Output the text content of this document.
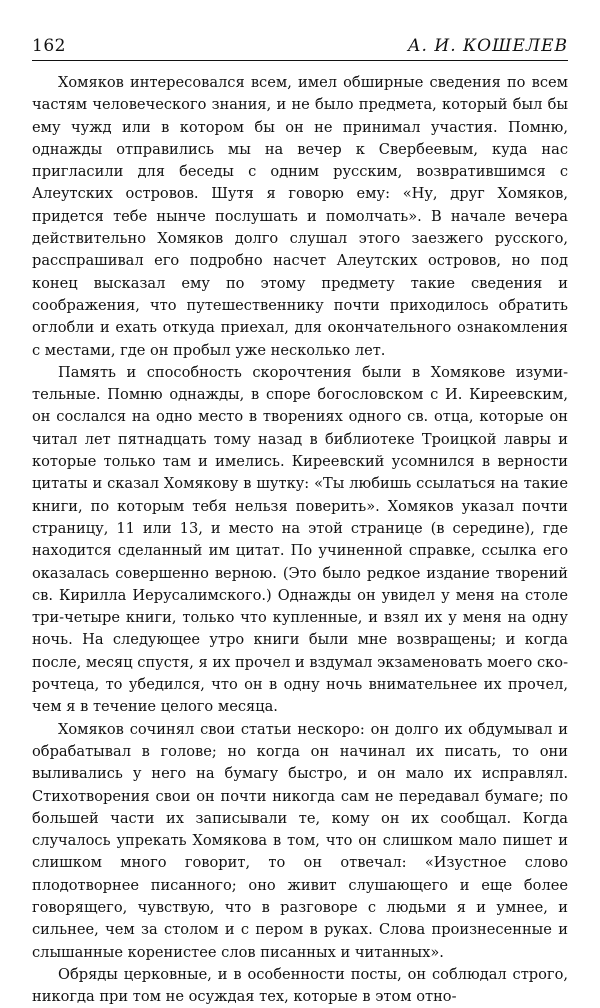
162	А. И. КОШЕЛЕВ

Хомяков интересовался всем, имел обширные сведения по всем частям человеческого знания, и не было предмета, который был бы ему чужд или в котором бы он не принимал участия. Помню, однажды отправились мы на вечер к Свербеевым, куда нас пригласили для беседы с одним русским, возвратившимся с Алеутских островов. Шутя я говорю ему: «Ну, друг Хомяков, придется тебе нынче послушать и помолчать». В начале вечера действительно Хомяков долго слушал этого заезжего русского, расспрашивал его подробно насчет Алеутских островов, но под конец высказал ему по этому предмету такие сведения и соображения, что путешественнику почти приходилось обратить оглобли и ехать откуда приехал, для окончательного ознакомления с местами, где он пробыл уже несколько лет.

Память и способность скорочтения были в Хомякове изумительные. Помню однажды, в споре богословском с И. Киреевским, он сослался на одно место в творениях одного св. отца, которые он читал лет пятнадцать тому назад в библиотеке Троицкой лавры и которые только там и имелись. Киреевский усомнился в верности цитаты и сказал Хомякову в шутку: «Ты любишь ссылаться на такие книги, по которым тебя нельзя поверить». Хомяков указал почти страницу, 11 или 13, и место на этой странице (в середине), где находится сделанный им цитат. По учиненной справке, ссылка его оказалась совершенно верною. (Это было редкое издание творений св. Кирилла Иерусалимского.) Однажды он увидел у меня на столе три-четыре книги, только что купленные, и взял их у меня на одну ночь. На следующее утро книги были мне возвращены; и когда после, месяц спустя, я их прочел и вздумал экзаменовать моего скорочтеца, то убедился, что он в одну ночь внимательнее их прочел, чем я в течение целого месяца.

Хомяков сочинял свои статьи нескоро: он долго их обдумывал и обрабатывал в голове; но когда он начинал их писать, то они выливались у него на бумагу быстро, и он мало их исправлял. Стихотворения свои он почти никогда сам не передавал бумаге; по большей части их записывали те, кому он их сообщал. Когда случалось упрекать Хомякова в том, что он слишком мало пишет и слишком много говорит, то он отвечал: «Изустное слово плодотворнее писанного; оно живит слушающего и еще более говорящего, чувствую, что в разговоре с людьми я и умнее, и сильнее, чем за столом и с пером в руках. Слова произнесенные и слышанные коренистее слов писанных и читанных».

Обряды церковные, и в особенности посты, он соблюдал строго, никогда при том не осуждая тех, которые в этом отно-
